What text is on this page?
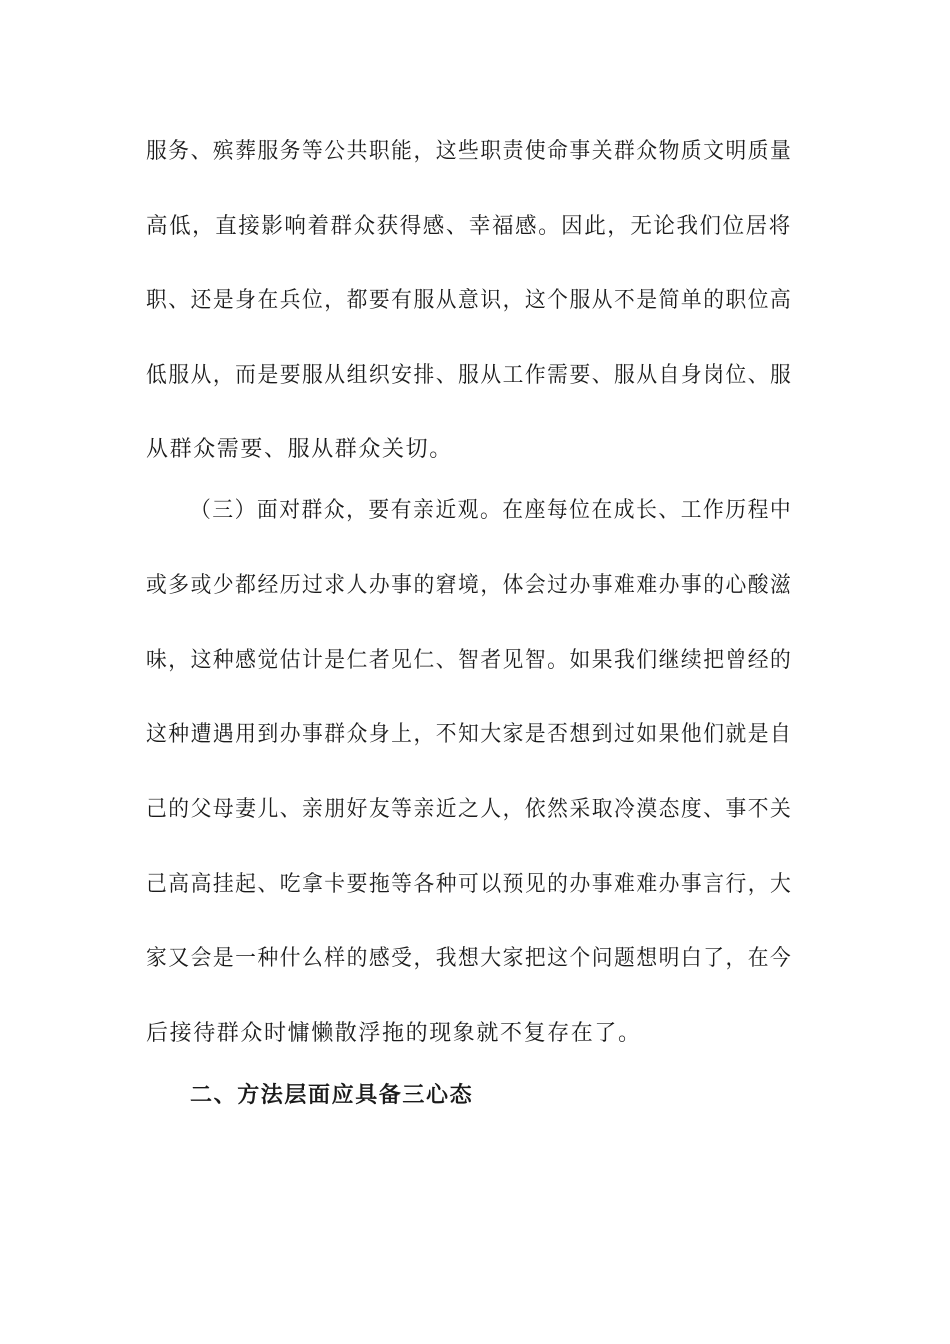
服务、殡葬服务等公共职能，这些职责使命事关群众物质文明质量
高低，直接影响着群众获得感、幸福感。因此，无论我们位居将
职、还是身在兵位，都要有服从意识，这个服从不是简单的职位高
低服从，而是要服从组织安排、服从工作需要、服从自身岗位、服
从群众需要、服从群众关切。
（三）面对群众，要有亲近观。在座每位在成长、工作历程中
或多或少都经历过求人办事的窘境，体会过办事难难办事的心酸滋
味，这种感觉估计是仁者见仁、智者见智。如果我们继续把曾经的
这种遭遇用到办事群众身上，不知大家是否想到过如果他们就是自
己的父母妻儿、亲朋好友等亲近之人，依然采取冷漠态度、事不关
己高高挂起、吃拿卡要拖等各种可以预见的办事难难办事言行，大
家又会是一种什么样的感受，我想大家把这个问题想明白了，在今
后接待群众时慵懒散浮拖的现象就不复存在了。
二、方法层面应具备三心态
